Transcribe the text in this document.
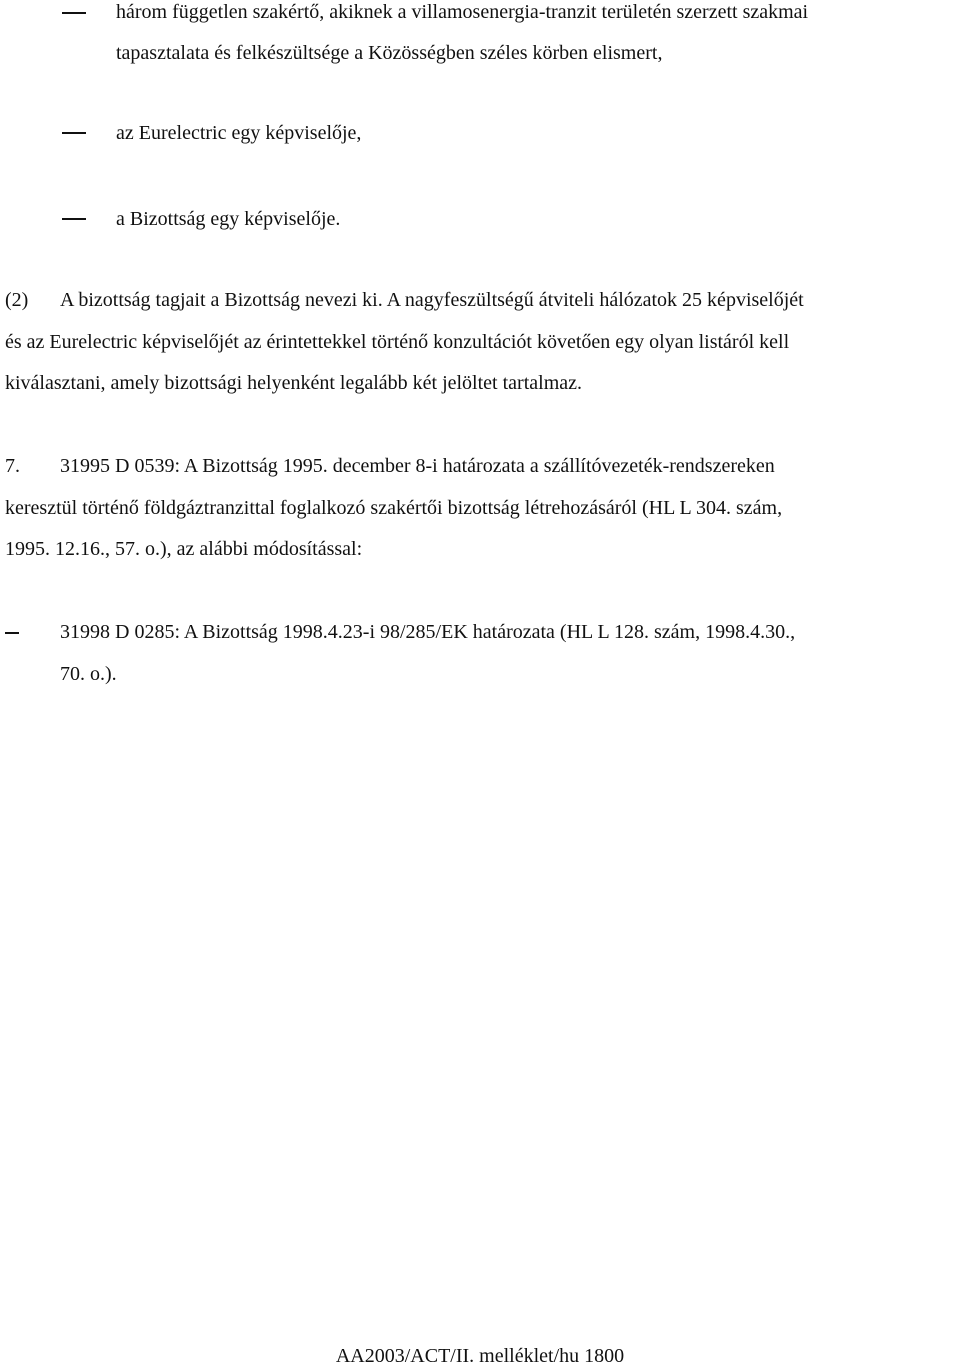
három független szakértő, akiknek a villamosenergia-tranzit területén szerzett szakmai
tapasztalata és felkészültsége a Közösségben széles körben elismert,
az Eurelectric egy képviselője,
a Bizottság egy képviselője.
(2) A bizottság tagjait a Bizottság nevezi ki. A nagyfeszültségű átviteli hálózatok 25 képviselőjét
és az Eurelectric képviselőjét az érintettekkel történő konzultációt követően egy olyan listáról kell
kiválasztani, amely bizottsági helyenként legalább két jelöltet tartalmaz.
7. 31995 D 0539: A Bizottság 1995. december 8-i határozata a szállítóvezeték-rendszereken
keresztül történő földgáztranzittal foglalkozó szakértői bizottság létrehozásáról (HL L 304. szám,
1995. 12.16., 57. o.), az alábbi módosítással:
31998 D 0285: A Bizottság 1998.4.23-i 98/285/EK határozata (HL L 128. szám, 1998.4.30.,
70. o.).
AA2003/ACT/II. melléklet/hu 1800
